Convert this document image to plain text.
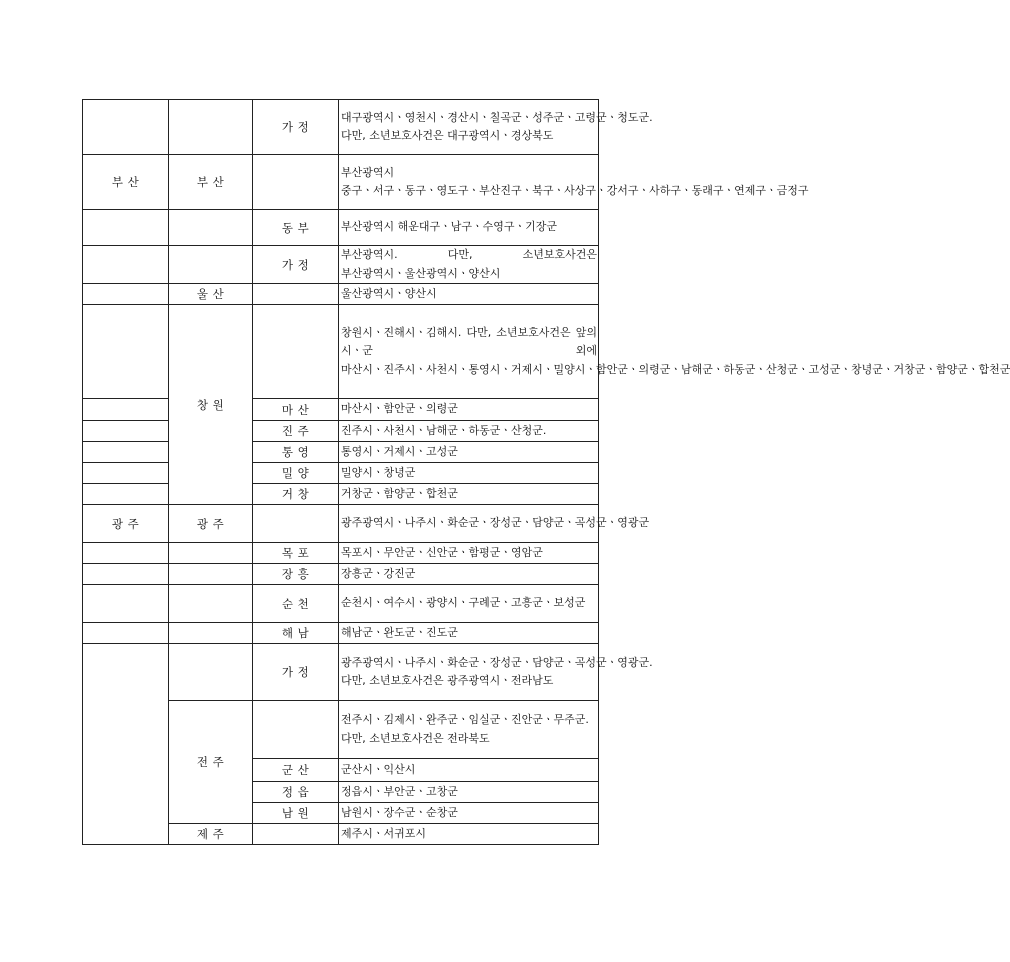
		가 정	대구광역시ㆍ영천시ㆍ경산시ㆍ칠곡군ㆍ성주군ㆍ고령군ㆍ청도군. 다만, 소년보호사건은 대구광역시ㆍ경상북도
부 산	부 산		부산광역시 중구ㆍ서구ㆍ동구ㆍ영도구ㆍ부산진구ㆍ북구ㆍ사상구ㆍ강서구ㆍ사하구ㆍ동래구ㆍ연제구ㆍ금정구
		동 부	부산광역시 해운대구ㆍ남구ㆍ수영구ㆍ기장군
		가 정	부산광역시. 다만, 소년보호사건은 부산광역시ㆍ울산광역시ㆍ양산시
	울 산		울산광역시ㆍ양산시
	창 원		창원시ㆍ진해시ㆍ김해시. 다만, 소년보호사건은 앞의 시ㆍ군 외에 마산시ㆍ진주시ㆍ사천시ㆍ통영시ㆍ거제시ㆍ밀양시ㆍ함안군ㆍ의령군ㆍ남해군ㆍ하동군ㆍ산청군ㆍ고성군ㆍ창녕군ㆍ거창군ㆍ함양군ㆍ합천군
		마 산	마산시ㆍ함안군ㆍ의령군
		진 주	진주시ㆍ사천시ㆍ남해군ㆍ하동군ㆍ산청군.
		통 영	통영시ㆍ거제시ㆍ고성군
		밀 양	밀양시ㆍ창녕군
		거 창	거창군ㆍ함양군ㆍ합천군
광 주	광 주		광주광역시ㆍ나주시ㆍ화순군ㆍ장성군ㆍ담양군ㆍ곡성군ㆍ영광군
		목 포	목포시ㆍ무안군ㆍ신안군ㆍ함평군ㆍ영암군
		장 흥	장흥군ㆍ강진군
		순 천	순천시ㆍ여수시ㆍ광양시ㆍ구례군ㆍ고흥군ㆍ보성군
		해 남	해남군ㆍ완도군ㆍ진도군
		가 정	광주광역시ㆍ나주시ㆍ화순군ㆍ장성군ㆍ담양군ㆍ곡성군ㆍ영광군. 다만, 소년보호사건은 광주광역시ㆍ전라남도
	전 주		전주시ㆍ김제시ㆍ완주군ㆍ임실군ㆍ진안군ㆍ무주군.
다만, 소년보호사건은 전라북도
		군 산	군산시ㆍ익산시
		정 읍	정읍시ㆍ부안군ㆍ고창군
		남 원	남원시ㆍ장수군ㆍ순창군
	제 주		제주시ㆍ서귀포시
